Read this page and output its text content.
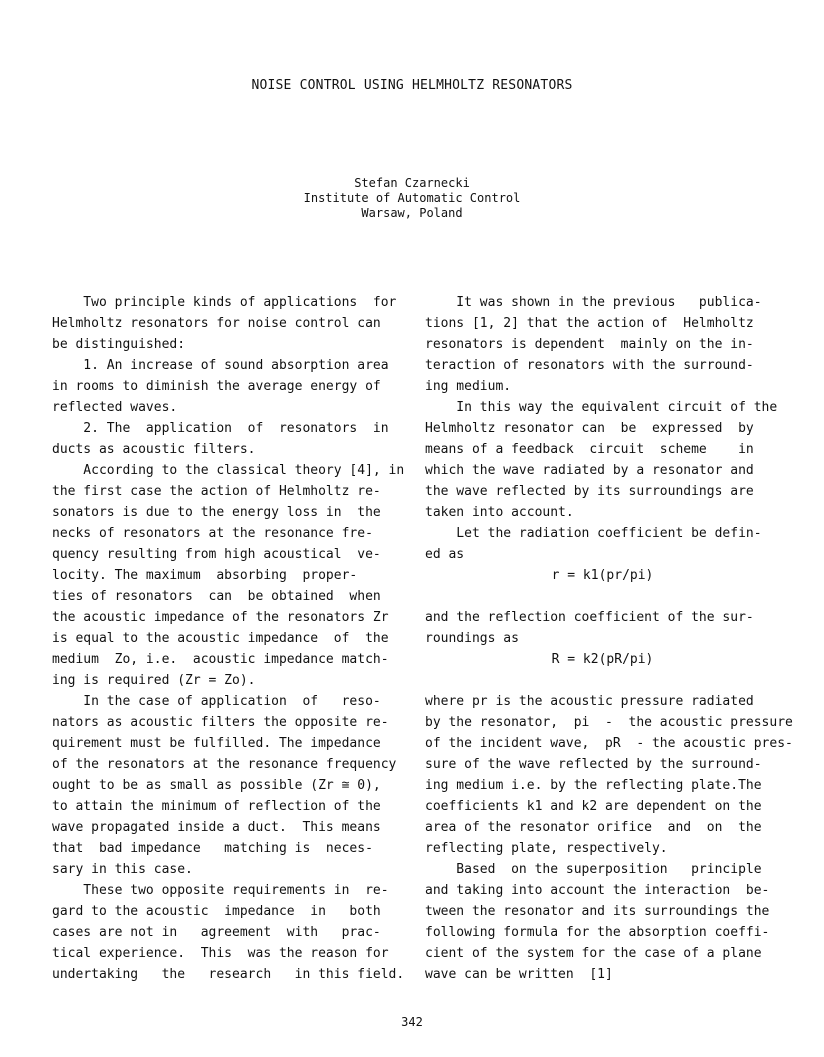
NOISE CONTROL USING HELMHOLTZ RESONATORS
Stefan Czarnecki
Institute of Automatic Control
Warsaw, Poland
Two principle kinds of applications  for
Helmholtz resonators for noise control can
be distinguished:
1. An increase of sound absorption area
in rooms to diminish the average energy of
reflected waves.
2. The  application  of  resonators  in
ducts as acoustic filters.
According to the classical theory [4], in
the first case the action of Helmholtz re-
sonators is due to the energy loss in  the
necks of resonators at the resonance fre-
quency resulting from high acoustical  ve-
locity. The maximum  absorbing  proper-
ties of resonators  can  be obtained  when
the acoustic impedance of the resonators Zr
is equal to the acoustic impedance  of  the
medium  Zo, i.e.  acoustic impedance match-
ing is required (Zr = Zo).
In the case of application  of   reso-
nators as acoustic filters the opposite re-
quirement must be fulfilled. The impedance
of the resonators at the resonance frequency
ought to be as small as possible (Zr ≅ 0),
to attain the minimum of reflection of the
wave propagated inside a duct.  This means
that  bad impedance   matching is  neces-
sary in this case.
These two opposite requirements in  re-
gard to the acoustic  impedance  in   both
cases are not in   agreement  with   prac-
tical experience.  This  was the reason for
undertaking   the   research   in this field.
It was shown in the previous   publica-
tions [1, 2] that the action of  Helmholtz
resonators is dependent  mainly on the in-
teraction of resonators with the surround-
ing medium.
In this way the equivalent circuit of the
Helmholtz resonator can  be  expressed  by
means of a feedback  circuit  scheme    in
which the wave radiated by a resonator and
the wave reflected by its surroundings are
taken into account.
Let the radiation coefficient be defin-
ed as
r = k1(pr/pi)
and the reflection coefficient of the sur-
roundings as
R = k2(pR/pi)
where pr is the acoustic pressure radiated
by the resonator,  pi  -  the acoustic pressure
of the incident wave,  pR  - the acoustic pres-
sure of the wave reflected by the surround-
ing medium i.e. by the reflecting plate.The
coefficients k1 and k2 are dependent on the
area of the resonator orifice  and  on  the
reflecting plate, respectively.
Based  on the superposition   principle
and taking into account the interaction  be-
tween the resonator and its surroundings the
following formula for the absorption coeffi-
cient of the system for the case of a plane
wave can be written  [1]
342
